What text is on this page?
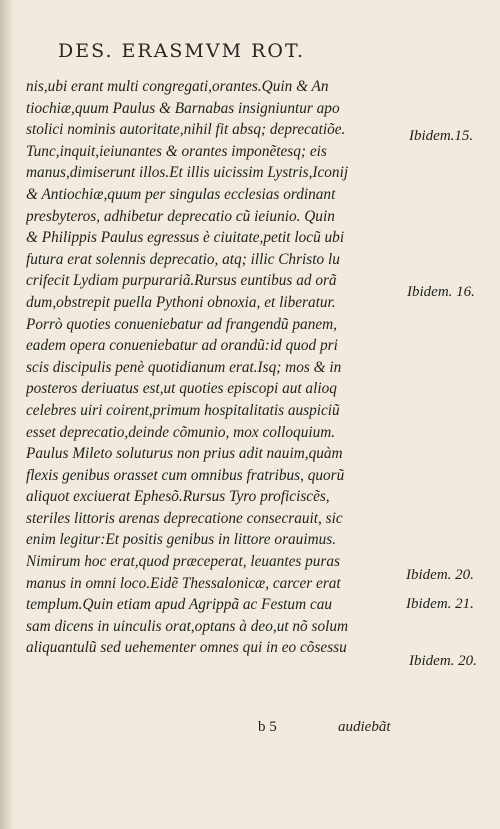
DES. ERASMVM ROT.
nis,ubi erant multi congregati,orantes.Quin & An
tiochiæ,quum Paulus & Barnabas insigniuntur apo
stolici nominis autoritate,nihil fit absq; deprecatiõe.
Tunc,inquit,ieiunantes & orantes imponẽtesq; eis
manus,dimiserunt illos.Et illis uicissim Lystris,Iconij
& Antiochiæ,quum per singulas ecclesias ordinant
presbyteros, adhibetur deprecatio cũ ieiunio. Quin
& Philippis Paulus egressus è ciuitate,petit locũ ubi
futura erat solennis deprecatio, atq; illic Christo lu
crifecit Lydiam purpurariã.Rursus euntibus ad orã
dum,obstrepit puella Pythoni obnoxia, et liberatur.
Porrò quoties conueniebatur ad frangendũ panem,
eadem opera conueniebatur ad orandũ:id quod pri
scis discipulis penè quotidianum erat.Isq; mos & in
posteros deriuatus est,ut quoties episcopi aut alioq
celebres uiri coirent,primum hospitalitatis auspiciũ
esset deprecatio,deinde cõmunio, mox colloquium.
Paulus Mileto soluturus non prius adit nauim,quàm
flexis genibus orasset cum omnibus fratribus, quorũ
aliquot exciuerat Ephesõ.Rursus Tyro proficiscẽs,
steriles littoris arenas deprecatione consecrauit, sic
enim legitur:Et positis genibus in littore orauimus.
Nimirum hoc erat,quod præceperat, leuantes puras
manus in omni loco.Eidẽ Thessalonicæ, carcer erat
templum.Quin etiam apud Agrippã ac Festum cau
sam dicens in uinculis orat,optans à deo,ut nõ solum
aliquantulũ sed uehementer omnes qui in eo cõsessu
Ibidem.15.
Ibidem. 16.
Ibidem. 20.
Ibidem. 21.
Ibidem. 20.
b 5	audiebãt
